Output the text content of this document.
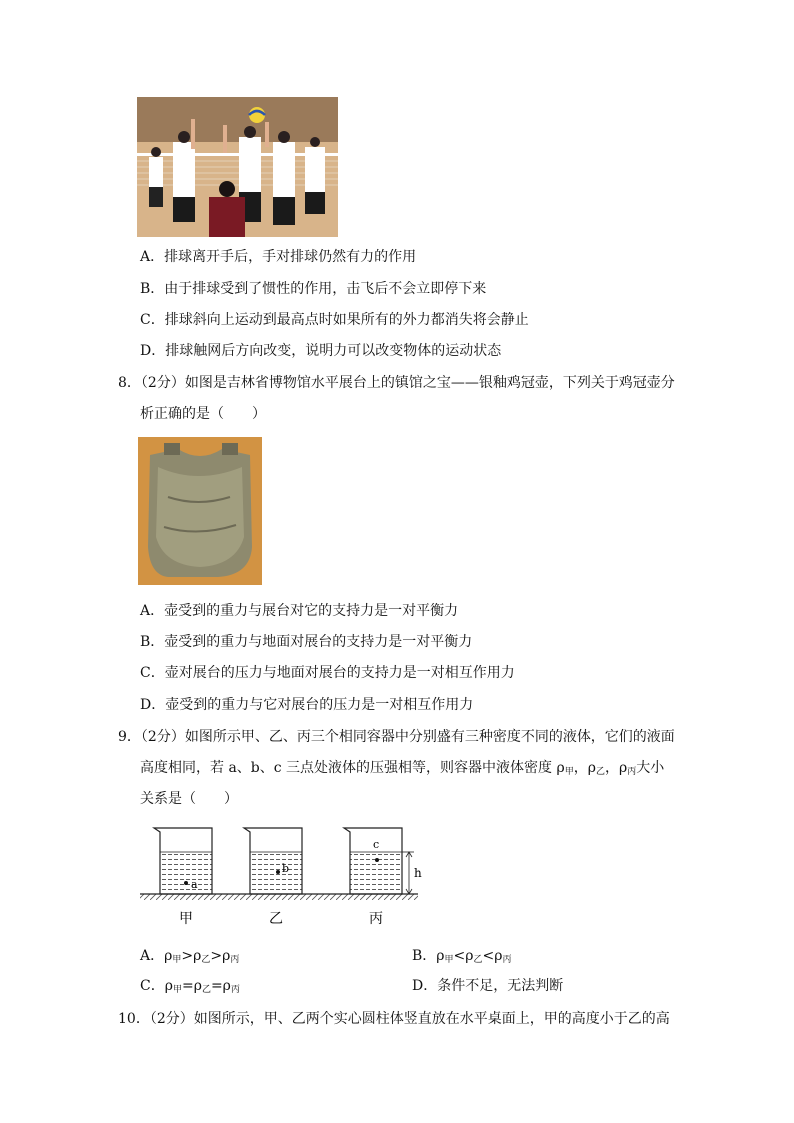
A．排球离开手后，手对排球仍然有力的作用
B．由于排球受到了惯性的作用，击飞后不会立即停下来
C．排球斜向上运动到最高点时如果所有的外力都消失将会静止
D．排球触网后方向改变，说明力可以改变物体的运动状态
8．（2分）如图是吉林省博物馆水平展台上的镇馆之宝——银釉鸡冠壶，下列关于鸡冠壶分
析正确的是（　　）
A．壶受到的重力与展台对它的支持力是一对平衡力
B．壶受到的重力与地面对展台的支持力是一对平衡力
C．壶对展台的压力与地面对展台的支持力是一对相互作用力
D．壶受到的重力与它对展台的压力是一对相互作用力
9．（2分）如图所示甲、乙、丙三个相同容器中分别盛有三种密度不同的液体，它们的液面
高度相同，若 a、b、c 三点处液体的压强相等，则容器中液体密度 $\rho_甲$，$\rho_乙$，$\rho_丙$大小
关系是（　　）
a
b
c
h
甲	乙	丙
A．$\rho_甲>\rho_乙>\rho_丙$	B．$\rho_甲<\rho_乙<\rho_丙$
C．$\rho_甲=\rho_乙=\rho_丙$	D．条件不足，无法判断
10．（2分）如图所示，甲、乙两个实心圆柱体竖直放在水平桌面上，甲的高度小于乙的高
